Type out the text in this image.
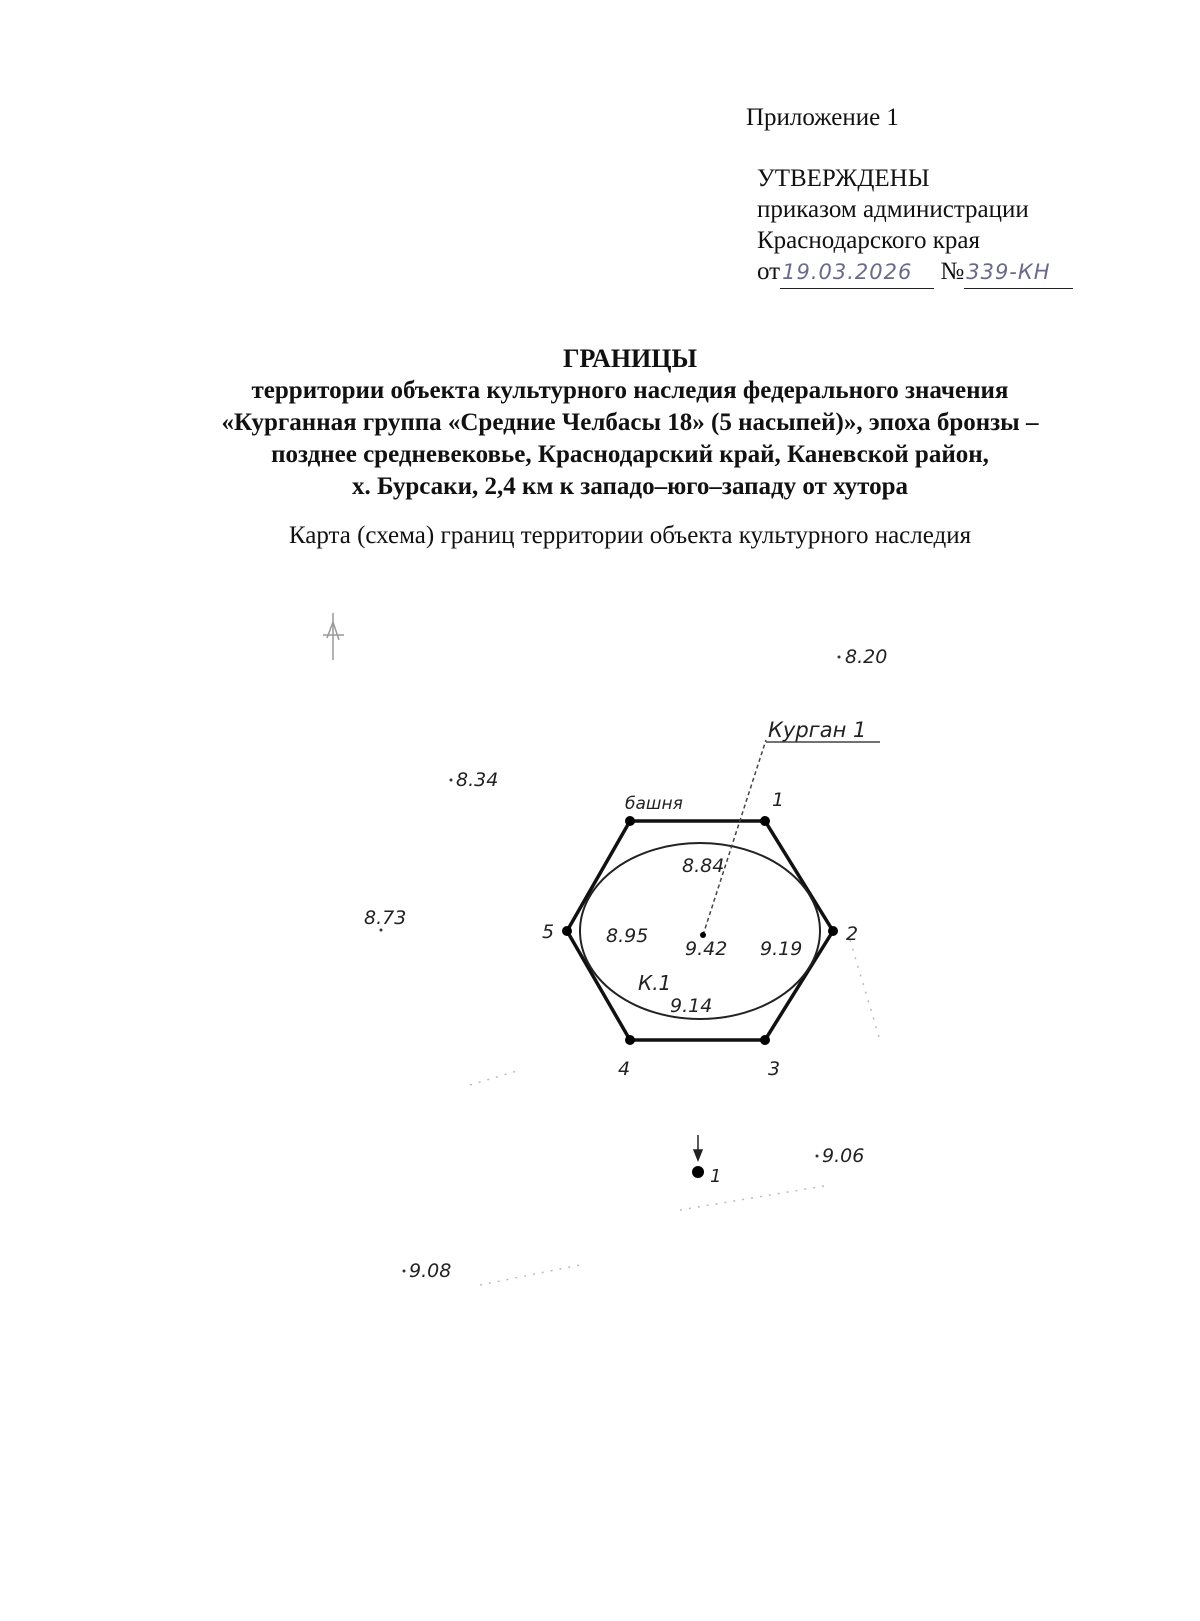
Приложение 1
УТВЕРЖДЕНЫ
приказом администрации
Краснодарского края
от19.03.2026 №339-КН
ГРАНИЦЫ
территории объекта культурного наследия федерального значения
«Курганная группа «Средние Челбасы 18» (5 насыпей)», эпоха бронзы –
позднее средневековье, Краснодарский край, Каневской район,
х. Бурсаки, 2,4 км к западо–юго–западу от хутора
Карта (схема) границ территории объекта культурного наследия
Курган 1
башня
К.1
1
2
3
4
5
1
8.20
8.34
8.73
8.84
8.95
9.42 9.19
9.14
9.06
9.08
